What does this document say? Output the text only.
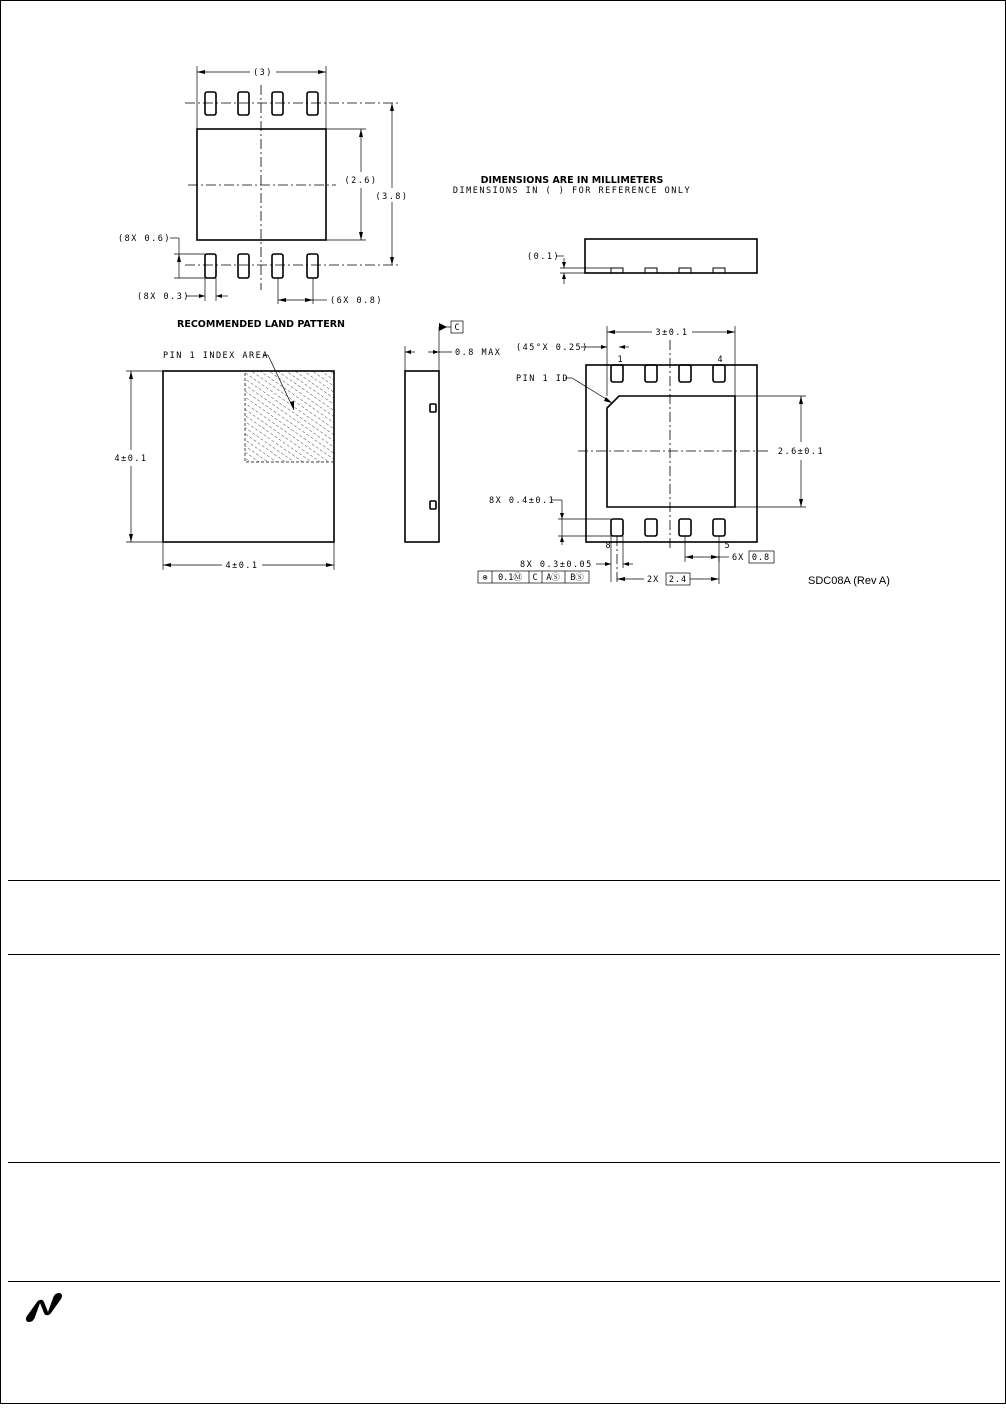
(3)
(2.6)
(3.8)
(8X 0.6)
(8X 0.3)	(6X 0.8)
RECOMMENDED LAND PATTERN
DIMENSIONS ARE IN MILLIMETERS
DIMENSIONS IN ( ) FOR REFERENCE ONLY
(0.1)
PIN 1 INDEX AREA
4±0.1
4±0.1
C
0.8 MAX
3±0.1
(45°X 0.25)
1	4
8	5
PIN 1 ID
2.6±0.1
8X 0.4±0.1
6X 0.8
8X 0.3±0.05
⊕ 0.1Ⓜ C AⓈ BⓈ	2X 2.4	SDC08A (Rev A)
